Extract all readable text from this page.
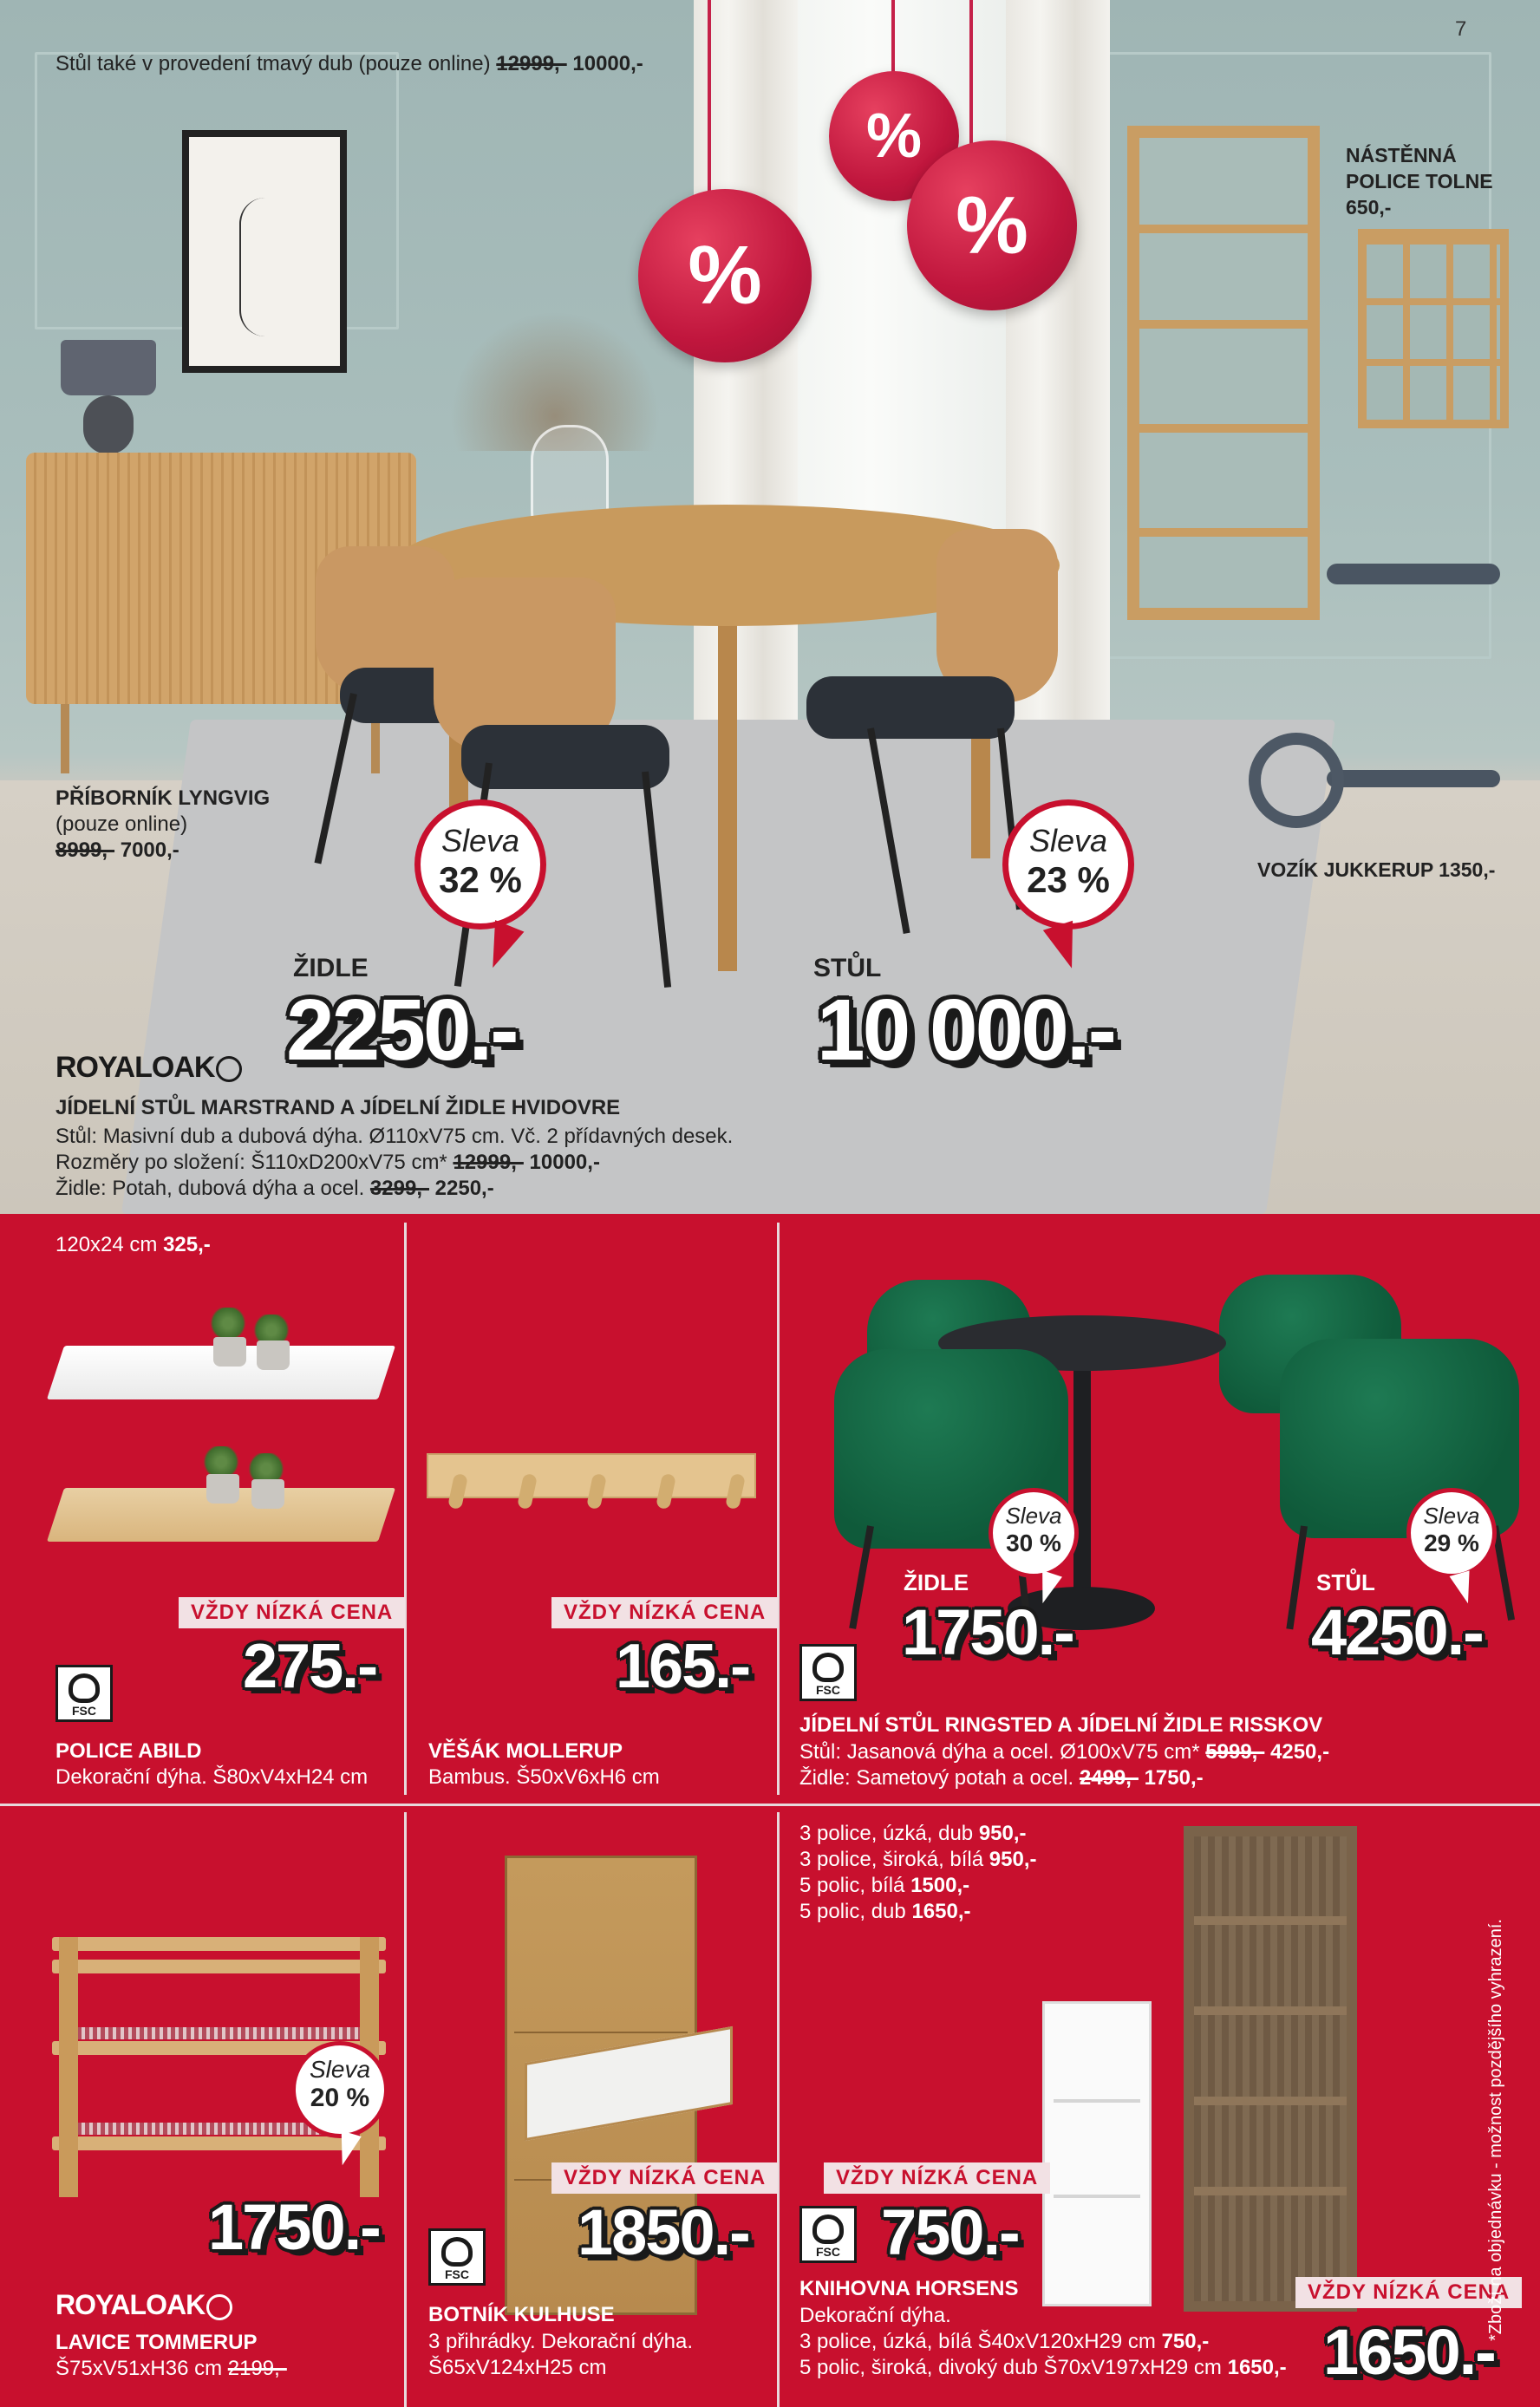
%
%
%
7
Stůl také v provedení tmavý dub (pouze online) 12999,- 10000,-
NÁSTĚNNÁ
POLICE TOLNE
650,-
PŘÍBORNÍK LYNGVIG
(pouze online)
8999,- 7000,-
VOZÍK JUKKERUP 1350,-
Sleva
32 %
Sleva
23 %
ŽIDLE
2250.-
STŮL
10 000.-
ROYALOAK
JÍDELNÍ STŮL MARSTRAND A JÍDELNÍ ŽIDLE HVIDOVRE
Stůl: Masivní dub a dubová dýha. Ø110xV75 cm. Vč. 2 přídavných desek.
Rozměry po složení: Š110xD200xV75 cm* 12999,- 10000,-
Židle: Potah, dubová dýha a ocel. 3299,- 2250,-
120x24 cm 325,-
VŽDY NÍZKÁ CENA
275.-
FSC
POLICE ABILD
Dekorační dýha. Š80xV4xH24 cm
VŽDY NÍZKÁ CENA
165.-
VĚŠÁK MOLLERUP
Bambus. Š50xV6xH6 cm
Sleva
30 %
Sleva
29 %
ŽIDLE
1750.-
STŮL
4250.-
FSC
JÍDELNÍ STŮL RINGSTED A JÍDELNÍ ŽIDLE RISSKOV
Stůl: Jasanová dýha a ocel. Ø100xV75 cm* 5999,- 4250,-
Židle: Sametový potah a ocel. 2499,- 1750,-
Sleva
20 %
1750.-
ROYALOAK
LAVICE TOMMERUP
Š75xV51xH36 cm 2199,-
VŽDY NÍZKÁ CENA
1850.-
FSC
BOTNÍK KULHUSE
3 přihrádky. Dekorační dýha.
Š65xV124xH25 cm
3 police, úzká, dub 950,-
3 police, široká, bílá 950,-
5 polic, bílá 1500,-
5 polic, dub 1650,-
VŽDY NÍZKÁ CENA
750.-
FSC
VŽDY NÍZKÁ CENA
1650.-
KNIHOVNA HORSENS
Dekorační dýha.
3 police, úzká, bílá Š40xV120xH29 cm 750,-
5 polic, široká, divoký dub Š70xV197xH29 cm 1650,-
*Zboží na objednávku - možnost pozdějšího vyhrazení.
